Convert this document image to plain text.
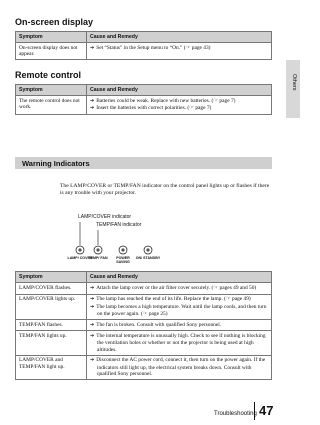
On-screen display
Symptom	Cause and Remedy
On-screen display does not appear.	➔ Set “Status” in the Setup menu to “On.” (☞ page 43)
Remote control
Symptom	Cause and Remedy
The remote control does not work.	➔ Batteries could be weak. Replace with new batteries. (☞ page 7)
➔ Insert the batteries with correct polarities. (☞ page 7)
Warning Indicators
The LAMP/COVER or TEMP/FAN indicator on the control panel lights up or flashes if there is any trouble with your projector.
LAMP/COVER indicator
TEMP/FAN indicator
LAMP/ COVER
TEMP/ FAN	POWER SAVING
ON/ STANDBY
Symptom	Cause and Remedy
LAMP/COVER flashes.	➔ Attach the lamp cover or the air filter cover securely. (☞ pages 49 and 50)

LAMP/COVER lights up.	➔ The lamp has reached the end of its life. Replace the lamp. (☞ page 49)
➔ The lamp becomes a high temperature. Wait until the lamp cools, and then turn on the power again. (☞ page 25)

TEMP/FAN flashes.	➔ The fan is broken. Consult with qualified Sony personnel.

TEMP/FAN lights up.	➔ The internal temperature is unusually high. Check to see if nothing is blocking the ventilation holes or whether or not the projector is being used at high altitudes.

LAMP/COVER and TEMP/FAN light up.	➔ Disconnect the AC power cord, connect it, then turn on the power again. If the indicators still light up, the electrical system breaks down. Consult with qualified Sony personnel.
Others
Troubleshooting 47
